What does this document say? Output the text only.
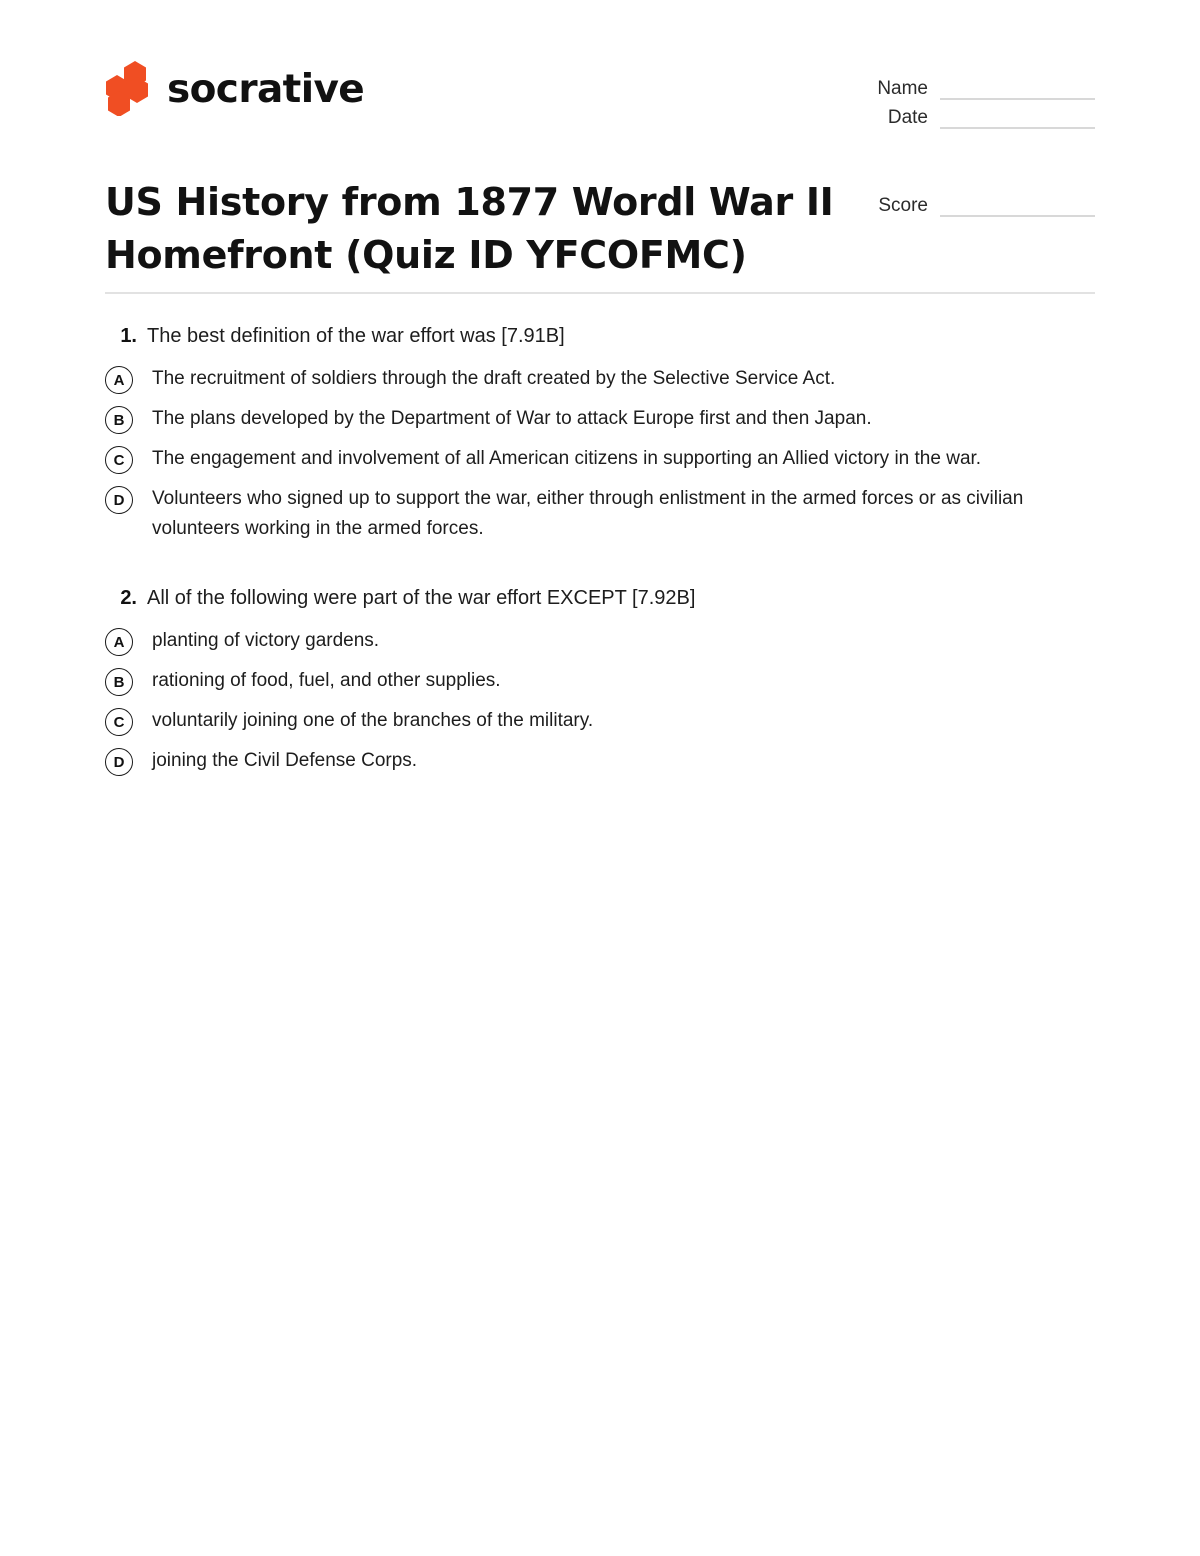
socrative	Name
Date
Score
US History from 1877 Wordl War II Homefront (Quiz ID YFCOFMC)
1. The best definition of the war effort was [7.91B]
A	The recruitment of soldiers through the draft created by the Selective Service Act.
B	The plans developed by the Department of War to attack Europe first and then Japan.
C	The engagement and involvement of all American citizens in supporting an Allied victory in the war.
D	Volunteers who signed up to support the war, either through enlistment in the armed forces or as civilian volunteers working in the armed forces.
2. All of the following were part of the war effort EXCEPT [7.92B]
A	planting of victory gardens.
B	rationing of food, fuel, and other supplies.
C	voluntarily joining one of the branches of the military.
D	joining the Civil Defense Corps.
